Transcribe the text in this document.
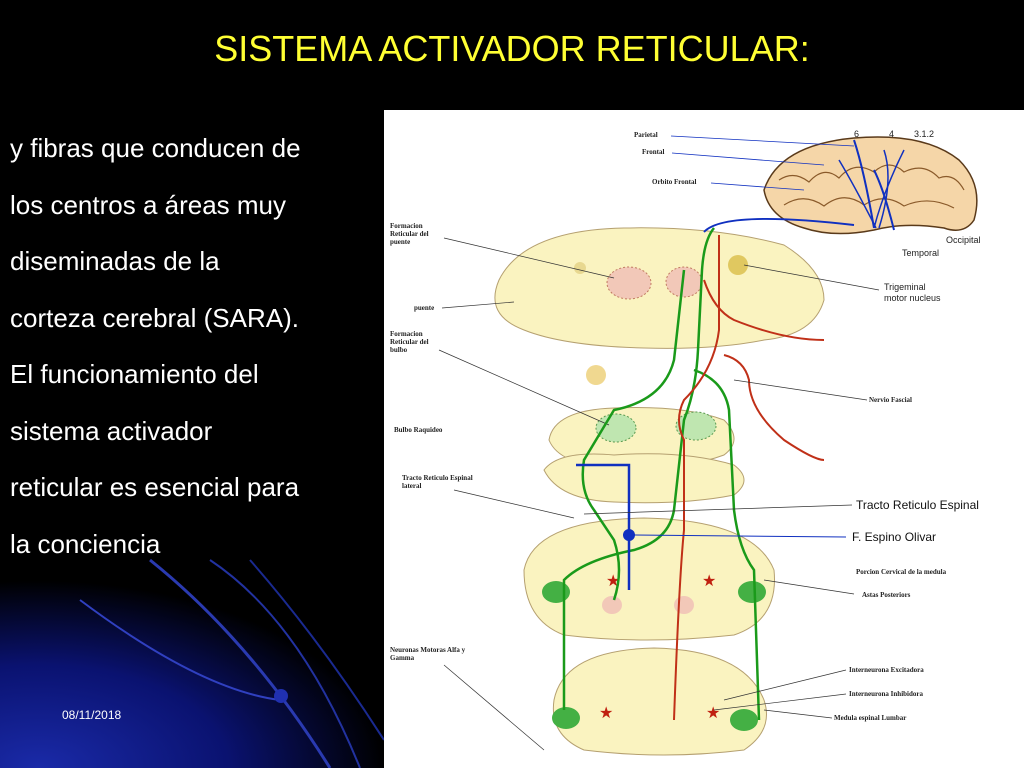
SISTEMA ACTIVADOR RETICULAR:
y fibras que conducen de
los centros a áreas muy
diseminadas de la
corteza cerebral (SARA).
El funcionamiento del
sistema activador
reticular es esencial para
la conciencia
08/11/2018
Parietal
Frontal
Orbito Frontal
6	4 3.1.2
Occipital
Temporal
Formacion
Reticular del
puente
puente
Formacion
Reticular del
bulbo
Bulbo Raquideo
Tracto Reticulo Espinal
lateral
★	★
★	★
Neuronas Motoras Alfa y
Gamma
Trigeminal
motor nucleus
Nervio Fascial
Tracto Reticulo Espinal
F. Espino Olivar
Porcion Cervical de la medula
Astas Posteriors
Interneurona Excitadora
Interneurona Inhibidora
Medula espinal Lumbar
